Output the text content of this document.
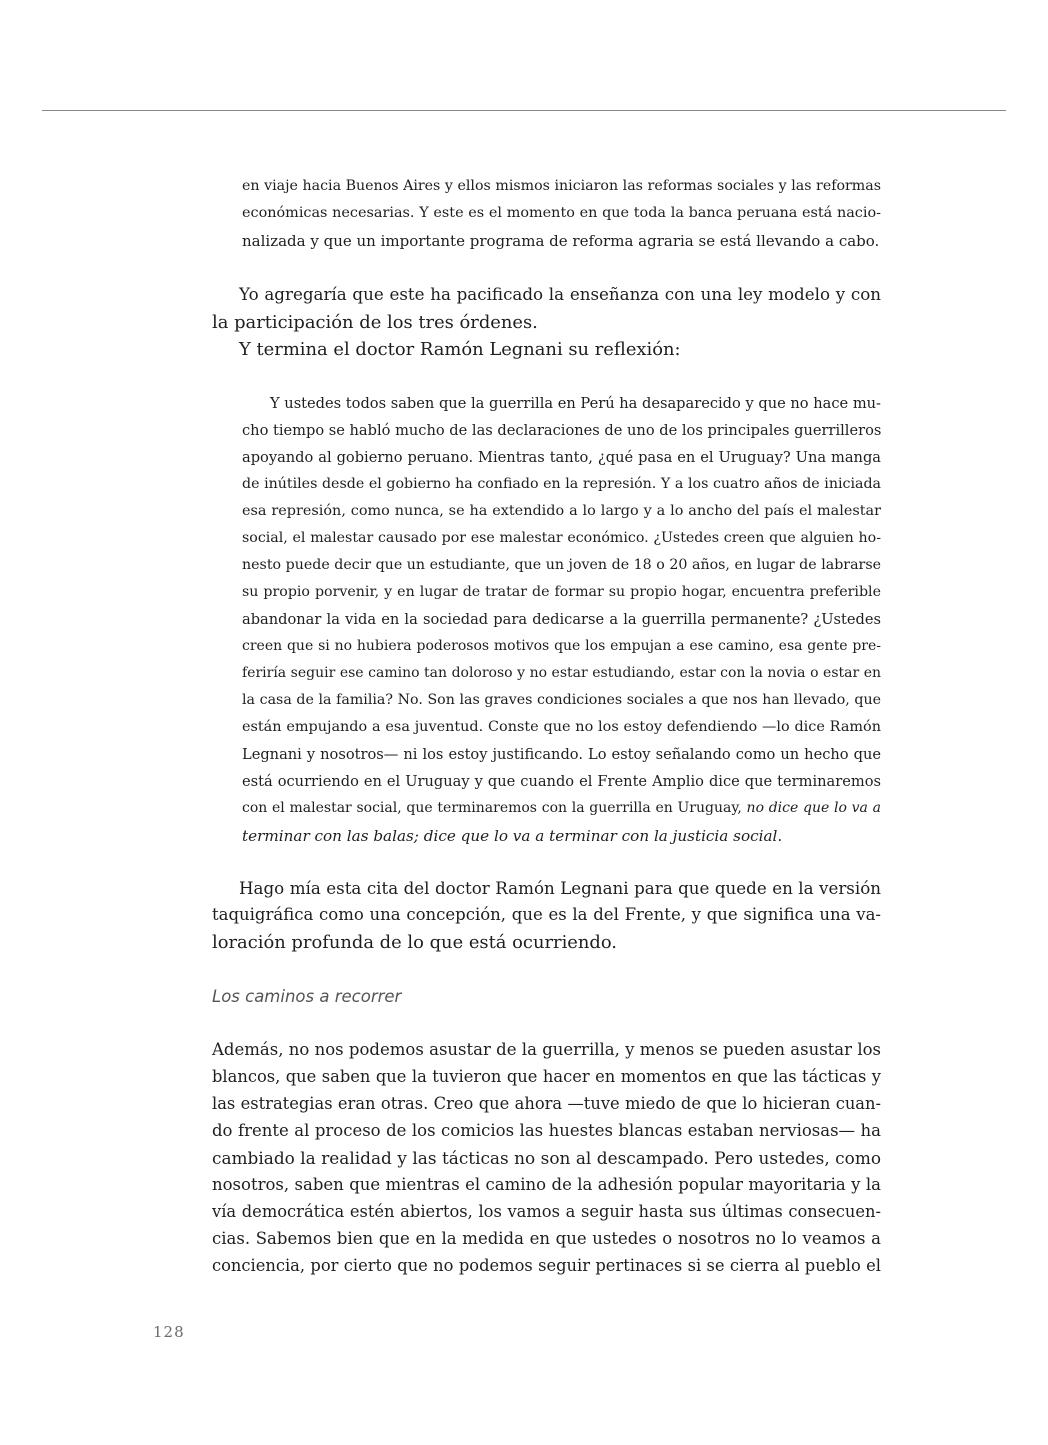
en viaje hacia Buenos Aires y ellos mismos iniciaron las reformas sociales y las reformas
económicas necesarias. Y este es el momento en que toda la banca peruana está nacio-
nalizada y que un importante programa de reforma agraria se está llevando a cabo.
Yo agregaría que este ha pacificado la enseñanza con una ley modelo y con
la participación de los tres órdenes.
Y termina el doctor Ramón Legnani su reflexión:
Y ustedes todos saben que la guerrilla en Perú ha desaparecido y que no hace mu-
cho tiempo se habló mucho de las declaraciones de uno de los principales guerrilleros
apoyando al gobierno peruano. Mientras tanto, ¿qué pasa en el Uruguay? Una manga
de inútiles desde el gobierno ha confiado en la represión. Y a los cuatro años de iniciada
esa represión, como nunca, se ha extendido a lo largo y a lo ancho del país el malestar
social, el malestar causado por ese malestar económico. ¿Ustedes creen que alguien ho-
nesto puede decir que un estudiante, que un joven de 18 o 20 años, en lugar de labrarse
su propio porvenir, y en lugar de tratar de formar su propio hogar, encuentra preferible
abandonar la vida en la sociedad para dedicarse a la guerrilla permanente? ¿Ustedes
creen que si no hubiera poderosos motivos que los empujan a ese camino, esa gente pre-
feriría seguir ese camino tan doloroso y no estar estudiando, estar con la novia o estar en
la casa de la familia? No. Son las graves condiciones sociales a que nos han llevado, que
están empujando a esa juventud. Conste que no los estoy defendiendo —lo dice Ramón
Legnani y nosotros— ni los estoy justificando. Lo estoy señalando como un hecho que
está ocurriendo en el Uruguay y que cuando el Frente Amplio dice que terminaremos
con el malestar social, que terminaremos con la guerrilla en Uruguay, no dice que lo va a
terminar con las balas; dice que lo va a terminar con la justicia social.
Hago mía esta cita del doctor Ramón Legnani para que quede en la versión
taquigráfica como una concepción, que es la del Frente, y que significa una va-
loración profunda de lo que está ocurriendo.
Los caminos a recorrer
Además, no nos podemos asustar de la guerrilla, y menos se pueden asustar los
blancos, que saben que la tuvieron que hacer en momentos en que las tácticas y
las estrategias eran otras. Creo que ahora —tuve miedo de que lo hicieran cuan-
do frente al proceso de los comicios las huestes blancas estaban nerviosas— ha
cambiado la realidad y las tácticas no son al descampado. Pero ustedes, como
nosotros, saben que mientras el camino de la adhesión popular mayoritaria y la
vía democrática estén abiertos, los vamos a seguir hasta sus últimas consecuen-
cias. Sabemos bien que en la medida en que ustedes o nosotros no lo veamos a
conciencia, por cierto que no podemos seguir pertinaces si se cierra al pueblo el
128
